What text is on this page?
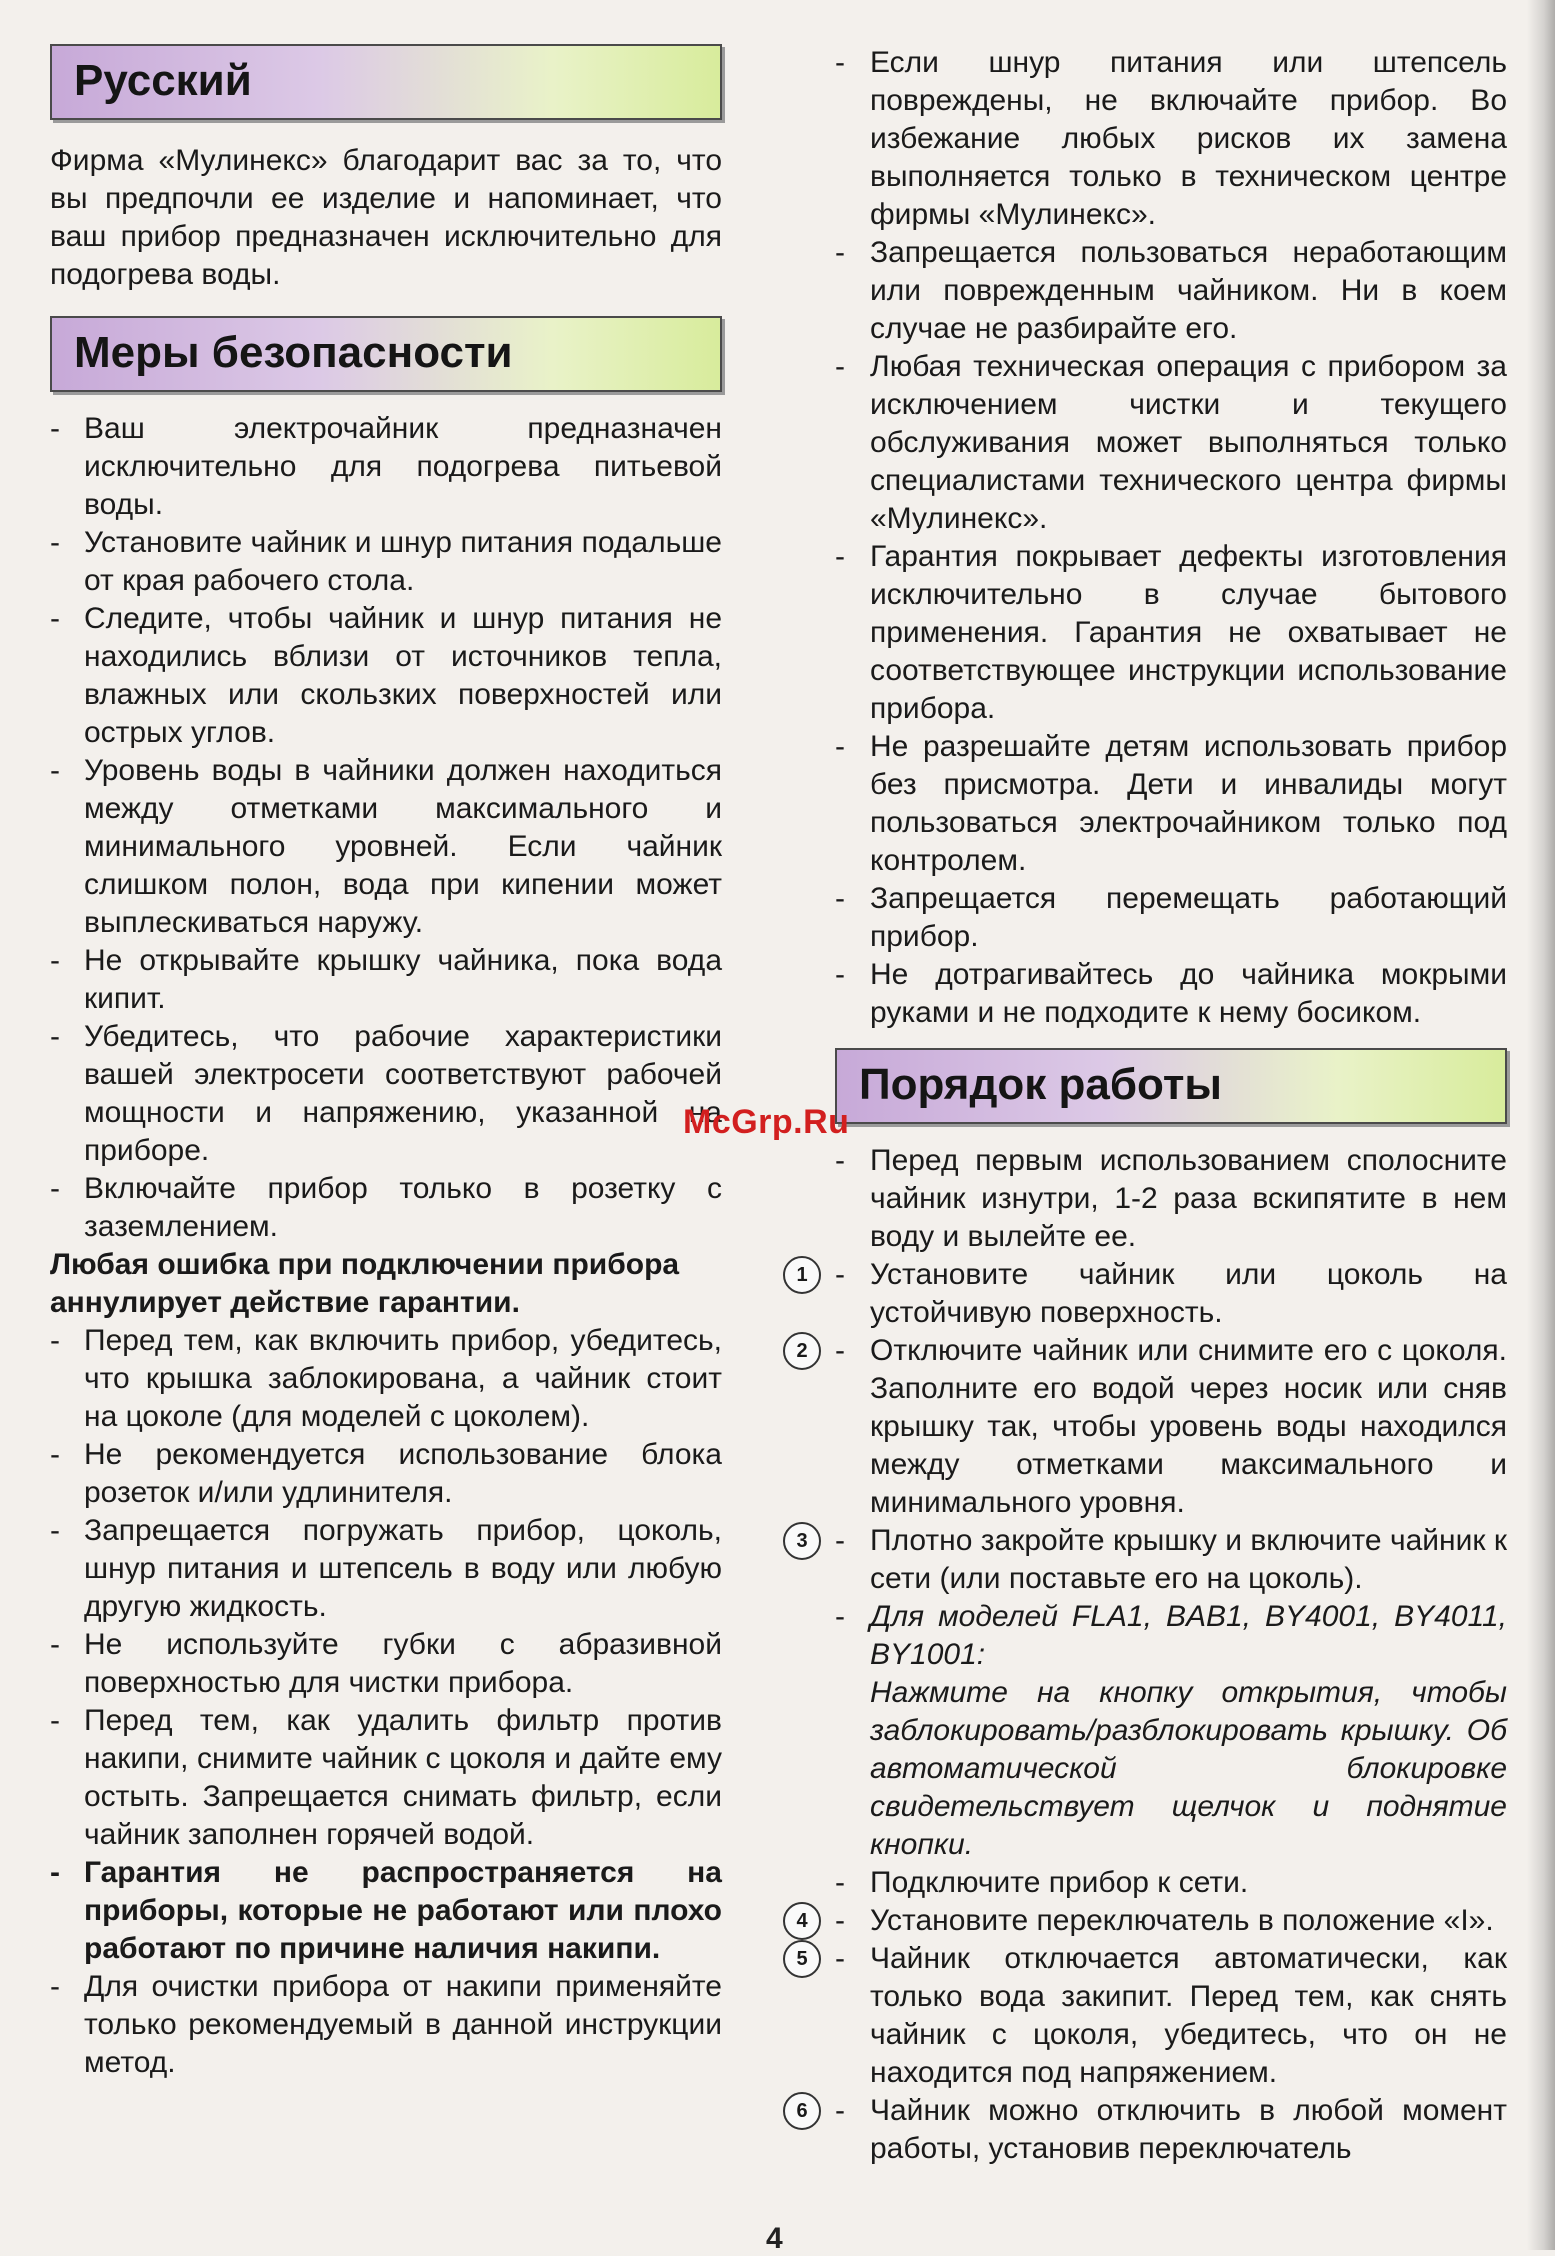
Русский

Фирма «Мулинекс» благодарит вас за то, что вы предпочли ее изделие и напоминает, что ваш прибор предназначен исключительно для подогрева воды.

Меры безопасности
- Ваш электрочайник предназначен исключительно для подогрева питьевой воды.
- Установите чайник и шнур питания подальше от края рабочего стола.
- Следите, чтобы чайник и шнур питания не находились вблизи от источников тепла, влажных или скользких поверхностей или острых углов.
- Уровень воды в чайники должен находиться между отметками максимального и минимального уровней. Если чайник слишком полон, вода при кипении может выплескиваться наружу.
- Не открывайте крышку чайника, пока вода кипит.
- Убедитесь, что рабочие характеристики вашей электросети соответствуют рабочей мощности и напряжению, указанной на приборе.
- Включайте прибор только в розетку с заземлением.

Любая ошибка при подключении прибора аннулирует действие гарантии.

- Перед тем, как включить прибор, убедитесь, что крышка заблокирована, а чайник стоит на цоколе (для моделей с цоколем).
- Не рекомендуется использование блока розеток и/или удлинителя.
- Запрещается погружать прибор, цоколь, шнур питания и штепсель в воду или любую другую жидкость.
- Не используйте губки с абразивной поверхностью для чистки прибора.
- Перед тем, как удалить фильтр против накипи, снимите чайник с цоколя и дайте ему остыть. Запрещается снимать фильтр, если чайник заполнен горячей водой.
- Гарантия не распространяется на приборы, которые не работают или плохо работают по причине наличия накипи.
- Для очистки прибора от накипи применяйте только рекомендуемый в данной инструкции метод.
- Если шнур питания или штепсель повреждены, не включайте прибор. Во избежание любых рисков их замена выполняется только в техническом центре фирмы «Мулинекс».
- Запрещается пользоваться неработающим или поврежденным чайником. Ни в коем случае не разбирайте его.
- Любая техническая операция с прибором за исключением чистки и текущего обслуживания может выполняться только специалистами технического центра фирмы «Мулинекс».
- Гарантия покрывает дефекты изготовления исключительно в случае бытового применения. Гарантия не охватывает не соответствующее инструкции использование прибора.
- Не разрешайте детям использовать прибор без присмотра. Дети и инвалиды могут пользоваться электрочайником только под контролем.
- Запрещается перемещать работающий прибор.
- Не дотрагивайтесь до чайника мокрыми руками и не подходите к нему босиком.
Порядок работы
- Перед первым использованием сполосните чайник изнутри, 1-2 раза вскипятите в нем воду и вылейте ее.
1 - Установите чайник или цоколь на устойчивую поверхность.
2 - Отключите чайник или снимите его с цоколя. Заполните его водой через носик или сняв крышку так, чтобы уровень воды находился между отметками максимального и минимального уровня.
3 - Плотно закройте крышку и включите чайник к сети (или поставьте его на цоколь).
- Для моделей FLA1, BAB1, BY4001, BY4011, BY1001:
Нажмите на кнопку открытия, чтобы заблокировать/разблокировать крышку. Об автоматической блокировке свидетельствует щелчок и поднятие кнопки.
- Подключите прибор к сети.
4 - Установите переключатель в положение «I».
5 - Чайник отключается автоматически, как только вода закипит. Перед тем, как снять чайник с цоколя, убедитесь, что он не находится под напряжением.
6 - Чайник можно отключить в любой момент работы, установив переключатель
McGrp.Ru
4
